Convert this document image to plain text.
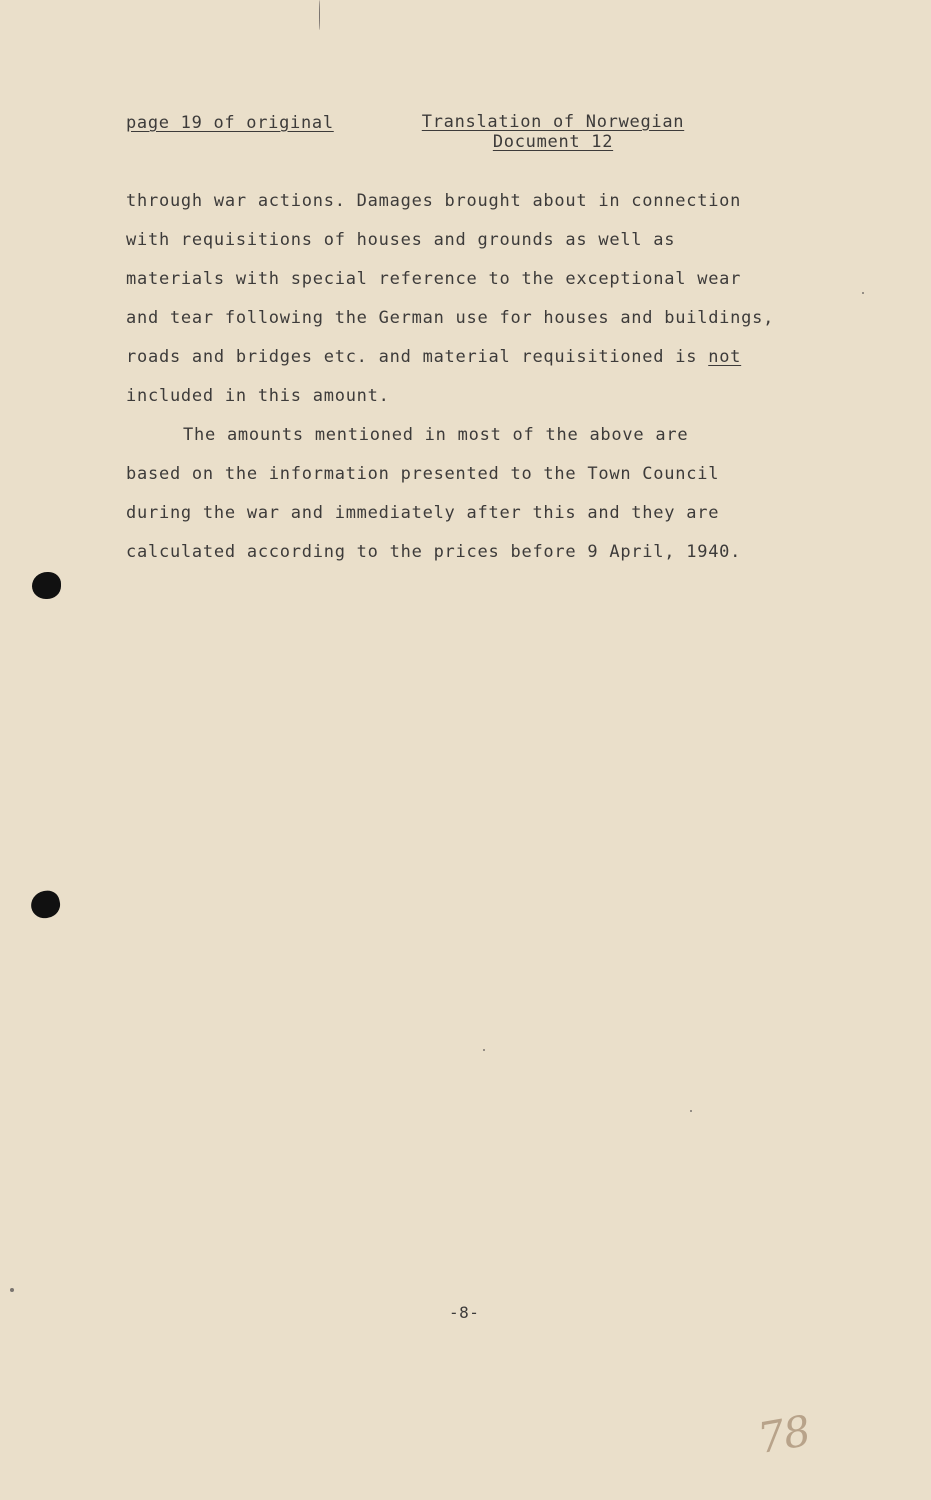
page 19 of original	Translation of Norwegian
Document 12
through war actions. Damages brought about in connection
with requisitions of houses and grounds as well as
materials with special reference to the exceptional wear
and tear following the German use for houses and buildings,
roads and bridges etc. and material requisitioned is not
included in this amount.
The amounts mentioned in most of the above are
based on the information presented to the Town Council
during the war and immediately after this and they are
calculated according to the prices before 9 April, 1940.
-8-
78
